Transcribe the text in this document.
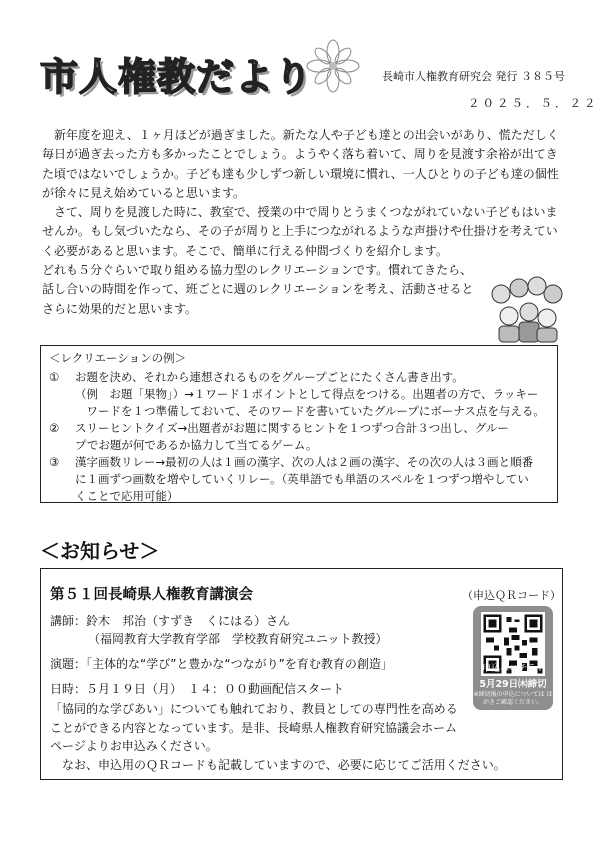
市人権教だより	長崎市人権教育研究会 発行 ３８５号
２０２５．５．２２

　新年度を迎え、１ヶ月ほどが過ぎました。新たな人や子ども達との出会いがあり、慌ただしく毎日が過ぎ去った方も多かったことでしょう。ようやく落ち着いて、周りを見渡す余裕が出てきた頃ではないでしょうか。子ども達も少しずつ新しい環境に慣れ、一人ひとりの子ども達の個性が徐々に見え始めていると思います。

　さて、周りを見渡した時に、教室で、授業の中で周りとうまくつながれていない子どもはいませんか。もし気づいたなら、その子が周りと上手につながれるような声掛けや仕掛けを考えていく必要があると思います。そこで、簡単に行える仲間づくりを紹介します。

どれも５分ぐらいで取り組める協力型のレクリエーションです。慣れてきたら、

話し合いの時間を作って、班ごとに週のレクリエーションを考え、活動させると

さらに効果的だと思います。

＜レクリエーションの例＞
①	お題を決め、それから連想されるものをグループごとにたくさん書き出す。
（例　お題「果物」）→１ワード１ポイントとして得点をつける。出題者の方で、ラッキー
　ワードを１つ準備しておいて、そのワードを書いていたグループにボーナス点を与える。
②	スリーヒントクイズ→出題者がお題に関するヒントを１つずつ合計３つ出し、グルー
プでお題が何であるか協力して当てるゲーム。
③	漢字画数リレー→最初の人は１画の漢字、次の人は２画の漢字、その次の人は３画と順番
に１画ずつ画数を増やしていくリレー。（英単語でも単語のスペルを１つずつ増やしてい
くことで応用可能）
＜お知らせ＞
第５１回長崎県人権教育講演会	（申込ＱＲコード）
講師：鈴木　邦治（すずき　くにはる）さん
（福岡教育大学教育学部　学校教育研究ユニット教授）
演題：「主体的な“学び”と豊かな“つながり”を育む教育の創造」
日時：５月１９日（月）　１４：００動画配信スタート
申込はコチラ↑
5月29日㈭締切
※締切後の申込については はがきご確認ください。

「協同的な学びあい」についても触れており、教員としての専門性を高める

ことができる内容となっています。是非、長崎県人権教育研究協議会ホーム

ページよりお申込みください。

　なお、申込用のＱＲコードも記載していますので、必要に応じてご活用ください。
